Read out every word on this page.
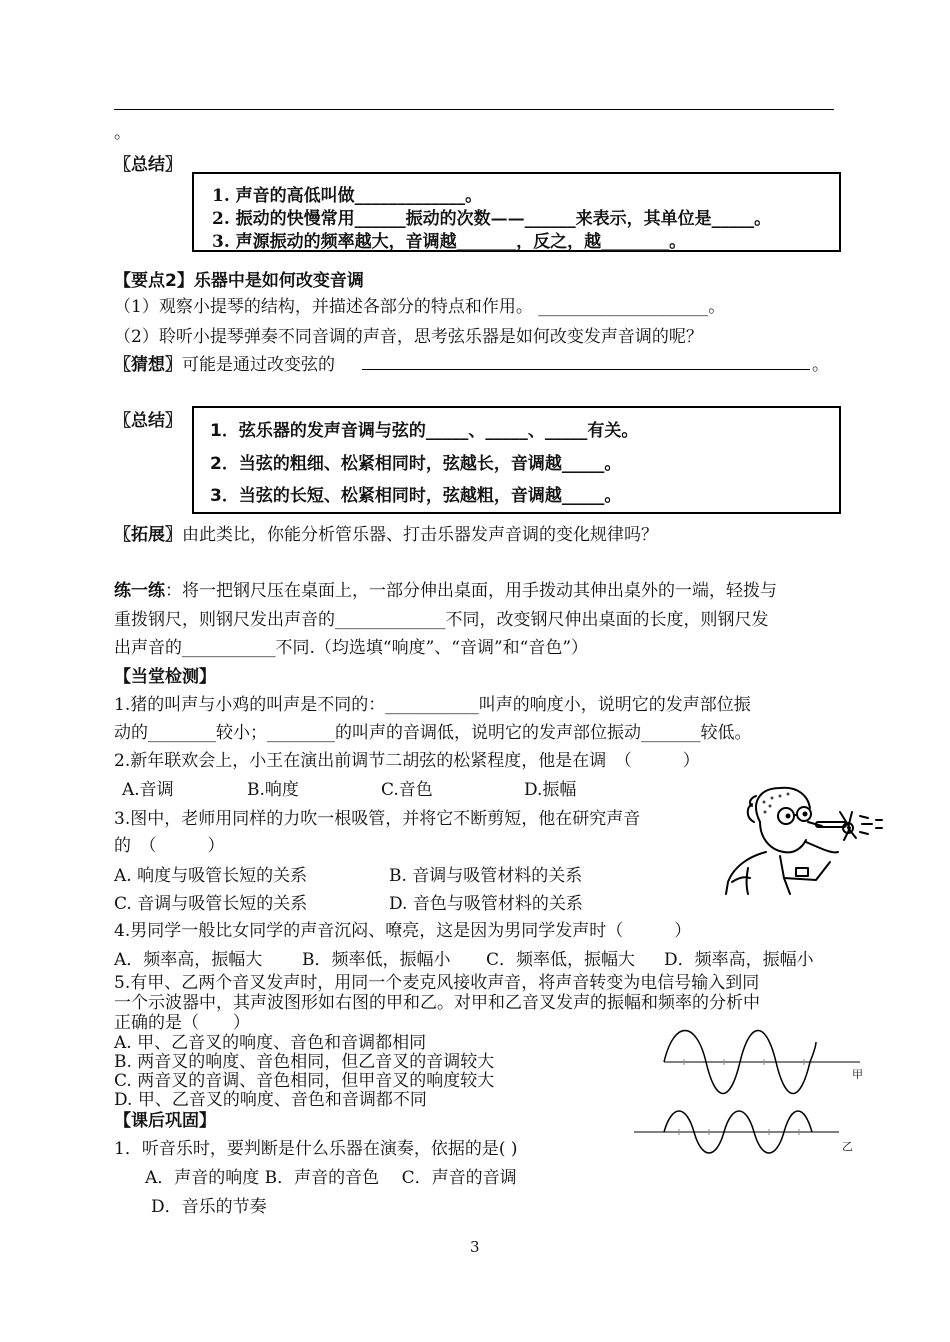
。
〖总结〗
1. 声音的高低叫做_____________。
2. 振动的快慢常用______振动的次数——______来表示，其单位是_____。
3. 声源振动的频率越大，音调越_______，反之，越________。
【要点2】乐器中是如何改变音调
（1）观察小提琴的结构，并描述各部分的特点和作用。 ____________________。
（2）聆听小提琴弹奏不同音调的声音，思考弦乐器是如何改变发声音调的呢？
〖猜想〗可能是通过改变弦的	。
〖总结〗 1．弦乐器的发声音调与弦的_____、_____、_____有关。
2．当弦的粗细、松紧相同时，弦越长，音调越_____。
3．当弦的长短、松紧相同时，弦越粗，音调越_____。
〖拓展〗由此类比，你能分析管乐器、打击乐器发声音调的变化规律吗？
练一练：将一把钢尺压在桌面上，一部分伸出桌面，用手拨动其伸出桌外的一端，轻拨与
重拨钢尺，则钢尺发出声音的_____________不同，改变钢尺伸出桌面的长度，则钢尺发
出声音的___________不同.（均选填“响度”、“音调”和“音色”）
【当堂检测】
1.猪的叫声与小鸡的叫声是不同的：___________叫声的响度小，说明它的发声部位振
动的________较小；________的叫声的音调低，说明它的发声部位振动_______较低。
2.新年联欢会上，小王在演出前调节二胡弦的松紧程度，他是在调　（　　　）
A.音调	B.响度	C.音色	D.振幅
3.图中，老师用同样的力吹一根吸管，并将它不断剪短，他在研究声音
的　（　　　）
A. 响度与吸管长短的关系	B. 音调与吸管材料的关系
C. 音调与吸管长短的关系	D. 音色与吸管材料的关系
4.男同学一般比女同学的声音沉闷、嘹亮，这是因为男同学发声时（　　　）
A．频率高，振幅大 B．频率低，振幅小 C．频率低，振幅大 D．频率高，振幅小
5.有甲、乙两个音叉发声时，用同一个麦克风接收声音，将声音转变为电信号输入到同
一个示波器中，其声波图形如右图的甲和乙。对甲和乙音叉发声的振幅和频率的分析中
正确的是（　　）
A. 甲、乙音叉的响度、音色和音调都相同
B. 两音叉的响度、音色相同，但乙音叉的音调较大
C. 两音叉的音调、音色相同，但甲音叉的响度较大
D. 甲、乙音叉的响度、音色和音调都不同
甲
乙
【课后巩固】
1．听音乐时，要判断是什么乐器在演奏，依据的是( )
A．声音的响度 B．声音的音色　 C．声音的音调
D．音乐的节奏
3
